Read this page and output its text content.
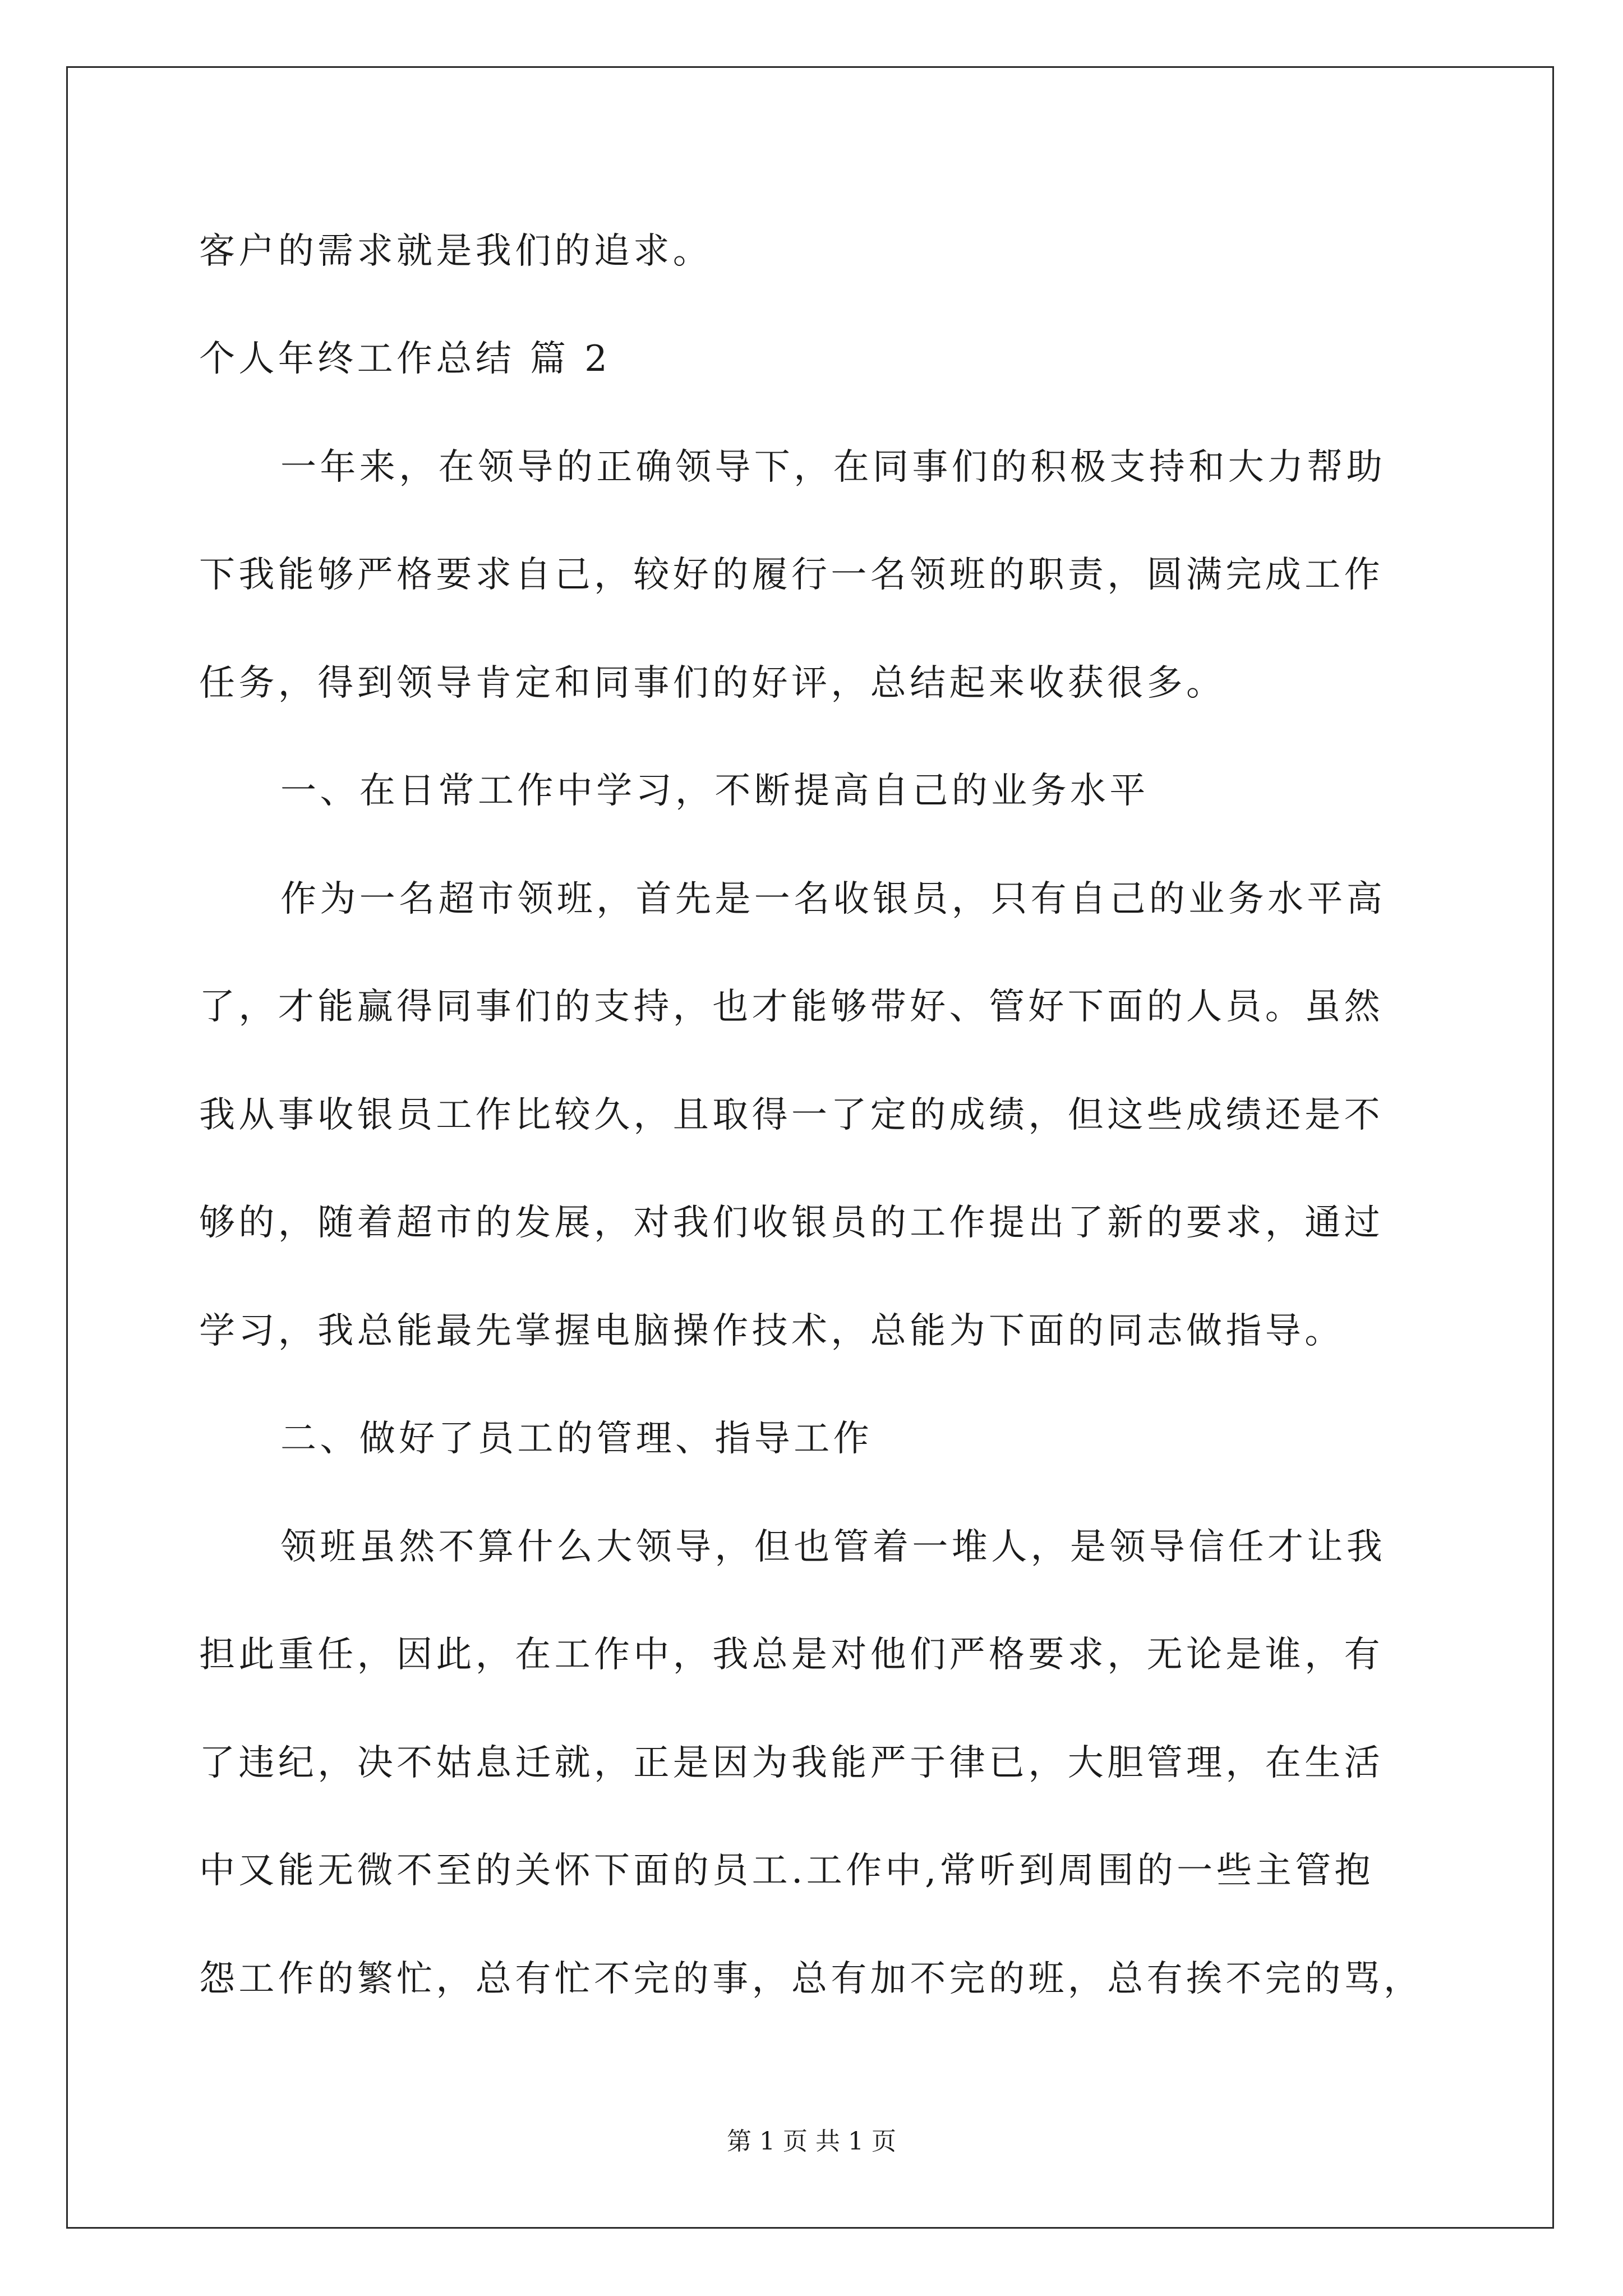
客户的需求就是我们的追求。

个人年终工作总结 篇 2

一年来，在领导的正确领导下，在同事们的积极支持和大力帮助

下我能够严格要求自己，较好的履行一名领班的职责，圆满完成工作

任务，得到领导肯定和同事们的好评，总结起来收获很多。

一、在日常工作中学习，不断提高自己的业务水平

作为一名超市领班，首先是一名收银员，只有自己的业务水平高

了，才能赢得同事们的支持，也才能够带好、管好下面的人员。虽然

我从事收银员工作比较久，且取得一了定的成绩，但这些成绩还是不

够的，随着超市的发展，对我们收银员的工作提出了新的要求，通过

学习，我总能最先掌握电脑操作技术，总能为下面的同志做指导。

二、做好了员工的管理、指导工作

领班虽然不算什么大领导，但也管着一堆人，是领导信任才让我

担此重任，因此，在工作中，我总是对他们严格要求，无论是谁，有

了违纪，决不姑息迁就，正是因为我能严于律已，大胆管理，在生活

中又能无微不至的关怀下面的员工.工作中,常听到周围的一些主管抱

怨工作的繁忙，总有忙不完的事，总有加不完的班，总有挨不完的骂，

第 1 页 共 1 页
